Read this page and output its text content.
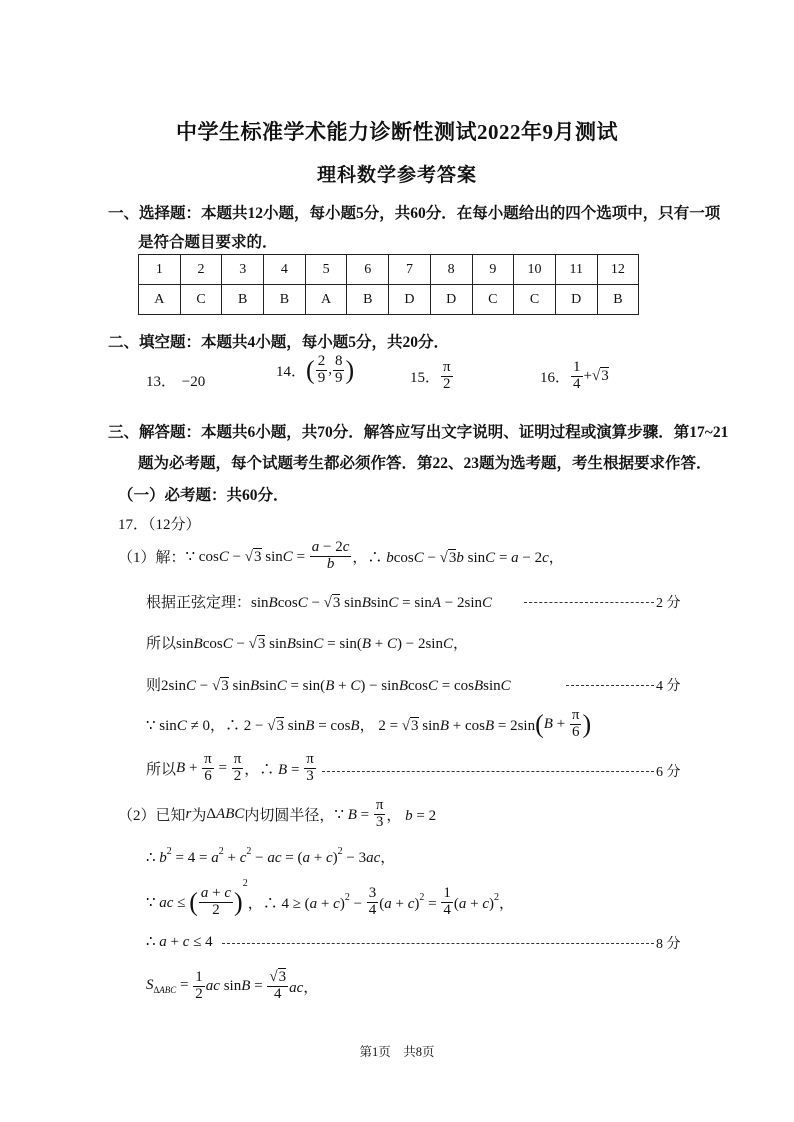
中学生标准学术能力诊断性测试2022年9月测试
理科数学参考答案
一、选择题：本题共12小题，每小题5分，共60分．在每小题给出的四个选项中，只有一项
是符合题目要求的．
1	2	3	4	5	6	7	8	9	10	11	12
A	C	B	B	A	B	D	D	C	C	D	B
二、填空题：本题共4小题，每小题5分，共20分．
13． −20
14．( $\frac{2}{9}$ , $\frac{8}{9}$ )	15． $\frac{\pi}{2}$	16． $\frac{1}{4} +√3$
三、解答题：本题共6小题，共70分．解答应写出文字说明、证明过程或演算步骤．第17~21
题为必考题，每个试题考生都必须作答．第22、23题为选考题，考生根据要求作答．
（一）必考题：共60分．
17．（12分）
（1）解：∵ cosC − √3 $\sin C = \frac{a - 2c}{b}$ ，∴ bcosC − √3b sinC = a − 2c，
根据正弦定理：sinBcosC − √3 sinBsinC = sinA − 2sinC	2 分
所以sinBcosC − √3 sinBsinC = sin(B + C) − 2sinC，
则2sinC − √3 sinBsinC = sin(B + C) − sinBcosC = cosBsinC	4 分
∵ sinC ≠ 0，∴ 2 − √3 sinB = cosB， 2 = √3 $\sin B + \cos B = 2\sin(B + \frac{\pi}{6}$ )
所以$B + \frac{\pi}{6} = \frac{\pi}{2}$ ，∴ $B = \frac{\pi}{3}$	6 分
（2）已知r为ΔABC内切圆半径，∵ $B = \frac{\pi}{3}$ ， b = 2
∴ $b^2 = 4 = a^2 + c^2$ − ac = $(a + c)^2 - 3ac$，
∵ ac ≤ ( $\frac{a + c}{2} )^2$，∴ $4 \ge (a + c)^2 - \frac{3}{4} (a + c)^2 = \frac{1}{4} (a + c)^2$，
∴ a + c ≤ 4	8 分
$S_{\Delta ABC} = \frac{1}{2}$ ac $\sin B = \frac{√3}{4}$ ac，
第1页　共8页
